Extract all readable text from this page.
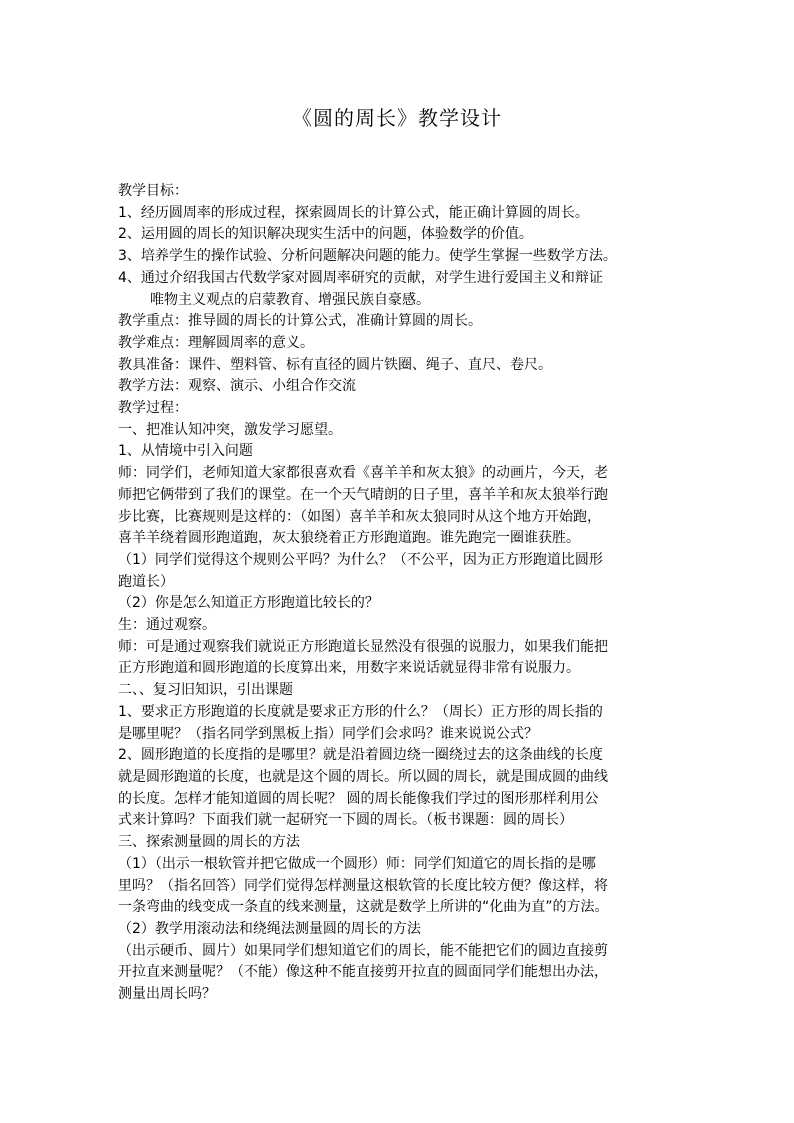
《圆的周长》教学设计

教学目标：

1、经历圆周率的形成过程，探索圆周长的计算公式，能正确计算圆的周长。

2、运用圆的周长的知识解决现实生活中的问题，体验数学的价值。

3、培养学生的操作试验、分析问题解决问题的能力。使学生掌握一些数学方法。

4、通过介绍我国古代数学家对圆周率研究的贡献，对学生进行爱国主义和辩证

唯物主义观点的启蒙教育、增强民族自豪感。

教学重点：推导圆的周长的计算公式，准确计算圆的周长。

教学难点：理解圆周率的意义。

教具准备：课件、塑料管、标有直径的圆片铁圈、绳子、直尺、卷尺。

教学方法：观察、演示、小组合作交流

教学过程：

一、把准认知冲突，激发学习愿望。

1、从情境中引入问题

师：同学们，老师知道大家都很喜欢看《喜羊羊和灰太狼》的动画片，今天，老

师把它俩带到了我们的课堂。在一个天气晴朗的日子里，喜羊羊和灰太狼举行跑

步比赛，比赛规则是这样的：（如图）喜羊羊和灰太狼同时从这个地方开始跑，

喜羊羊绕着圆形跑道跑，灰太狼绕着正方形跑道跑。谁先跑完一圈谁获胜。

（1）同学们觉得这个规则公平吗？为什么？（不公平，因为正方形跑道比圆形

跑道长）

（2）你是怎么知道正方形跑道比较长的？

生：通过观察。

师：可是通过观察我们就说正方形跑道长显然没有很强的说服力，如果我们能把

正方形跑道和圆形跑道的长度算出来，用数字来说话就显得非常有说服力。

二、、复习旧知识，引出课题

1、要求正方形跑道的长度就是要求正方形的什么？（周长）正方形的周长指的

是哪里呢？（指名同学到黑板上指）同学们会求吗？谁来说说公式？

2、圆形跑道的长度指的是哪里？就是沿着圆边绕一圈绕过去的这条曲线的长度

就是圆形跑道的长度，也就是这个圆的周长。所以圆的周长，就是围成圆的曲线

的长度。怎样才能知道圆的周长呢？ 圆的周长能像我们学过的图形那样利用公

式来计算吗？下面我们就一起研究一下圆的周长。（板书课题：圆的周长）

三、探索测量圆的周长的方法

（1）（出示一根软管并把它做成一个圆形）师：同学们知道它的周长指的是哪

里吗？（指名回答）同学们觉得怎样测量这根软管的长度比较方便？像这样，将

一条弯曲的线变成一条直的线来测量，这就是数学上所讲的“化曲为直”的方法。

（2）教学用滚动法和绕绳法测量圆的周长的方法

（出示硬币、圆片）如果同学们想知道它们的周长，能不能把它们的圆边直接剪

开拉直来测量呢？（不能）像这种不能直接剪开拉直的圆面同学们能想出办法，

测量出周长吗？
